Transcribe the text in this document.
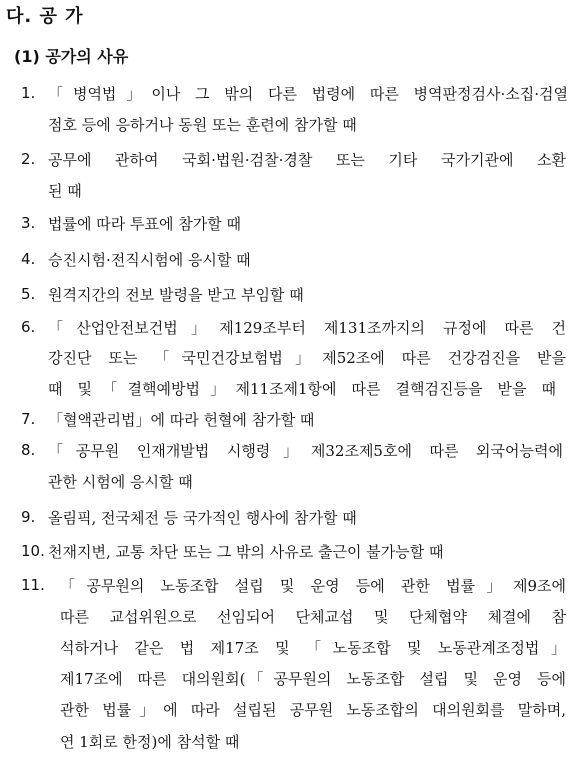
다. 공 가
(1) 공가의 사유
1. 「병역법」이나 그 밖의 다른 법령에 따른 병역판정검사·소집·검열
점호 등에 응하거나 동원 또는 훈련에 참가할 때
2. 공무에 관하여 국회·법원·검찰·경찰 또는 기타 국가기관에 소환
된 때
3. 법률에 따라 투표에 참가할 때
4. 승진시험·전직시험에 응시할 때
5. 원격지간의 전보 발령을 받고 부임할 때
6. 「산업안전보건법」제129조부터 제131조까지의 규정에 따른 건
강진단 또는 「국민건강보험법」제52조에 따른 건강검진을 받을
때 및「결핵예방법」제11조제1항에 따른 결핵검진등을 받을 때
7. 「혈액관리법」에 따라 헌혈에 참가할 때
8. 「공무원 인재개발법 시행령」제32조제5호에 따른 외국어능력에
관한 시험에 응시할 때
9. 올림픽, 전국체전 등 국가적인 행사에 참가할 때
10. 천재지변, 교통 차단 또는 그 밖의 사유로 출근이 불가능할 때
11. 「공무원의 노동조합 설립 및 운영 등에 관한 법률」제9조에
따른 교섭위원으로 선임되어 단체교섭 및 단체협약 체결에 참
석하거나 같은 법 제17조 및 「노동조합 및 노동관계조정법」
제17조에 따른 대의원회(「공무원의 노동조합 설립 및 운영 등에
관한 법률」에 따라 설립된 공무원 노동조합의 대의원회를 말하며,
연 1회로 한정)에 참석할 때
